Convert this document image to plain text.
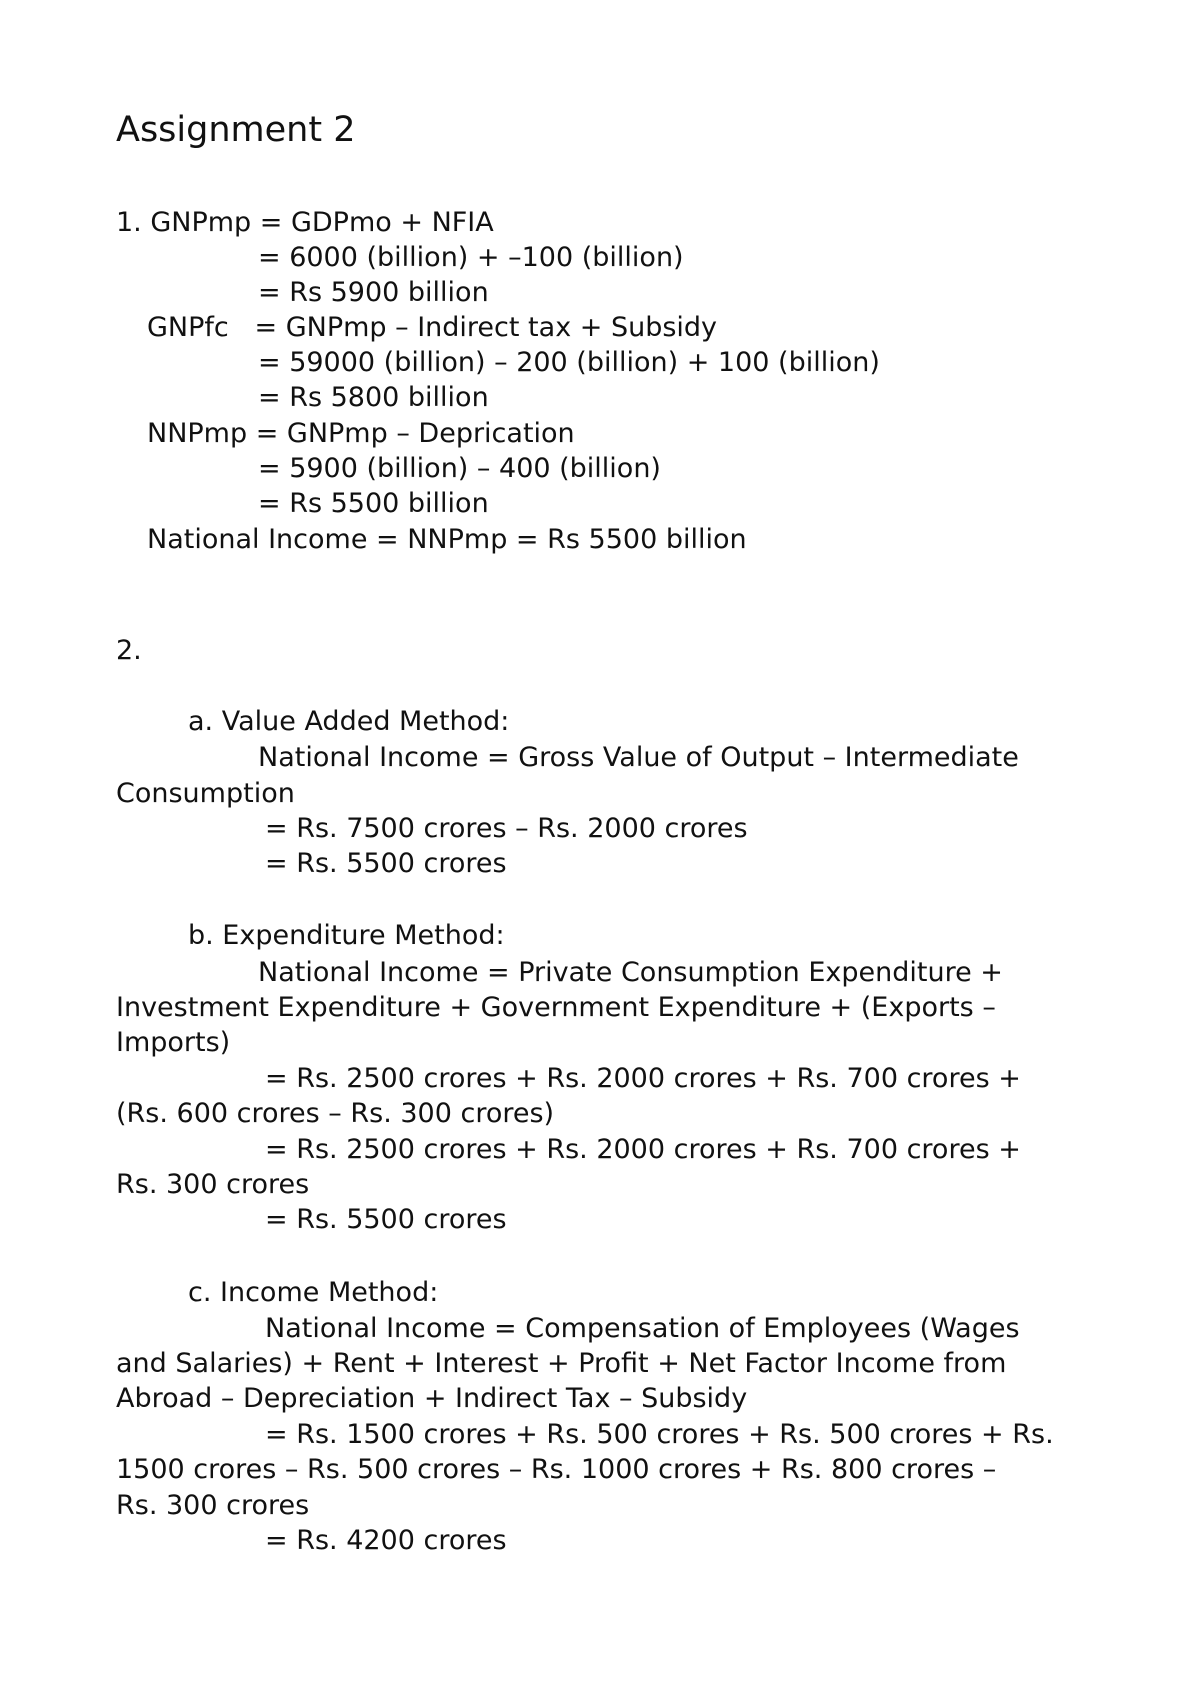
Assignment 2
1. GNPmp = GDPmo + NFIA
= 6000 (billion) + –100 (billion)
= Rs 5900 billion
GNPfc   = GNPmp – Indirect tax + Subsidy
= 59000 (billion) – 200 (billion) + 100 (billion)
= Rs 5800 billion
NNPmp = GNPmp – Deprication
= 5900 (billion) – 400 (billion)
= Rs 5500 billion
National Income = NNPmp = Rs 5500 billion
2.
a. Value Added Method:
National Income = Gross Value of Output – Intermediate
Consumption
= Rs. 7500 crores – Rs. 2000 crores
= Rs. 5500 crores
b. Expenditure Method:
National Income = Private Consumption Expenditure +
Investment Expenditure + Government Expenditure + (Exports –
Imports)
= Rs. 2500 crores + Rs. 2000 crores + Rs. 700 crores +
(Rs. 600 crores – Rs. 300 crores)
= Rs. 2500 crores + Rs. 2000 crores + Rs. 700 crores +
Rs. 300 crores
= Rs. 5500 crores
c. Income Method:
National Income = Compensation of Employees (Wages
and Salaries) + Rent + Interest + Profit + Net Factor Income from
Abroad – Depreciation + Indirect Tax – Subsidy
= Rs. 1500 crores + Rs. 500 crores + Rs. 500 crores + Rs.
1500 crores – Rs. 500 crores – Rs. 1000 crores + Rs. 800 crores –
Rs. 300 crores
= Rs. 4200 crores
